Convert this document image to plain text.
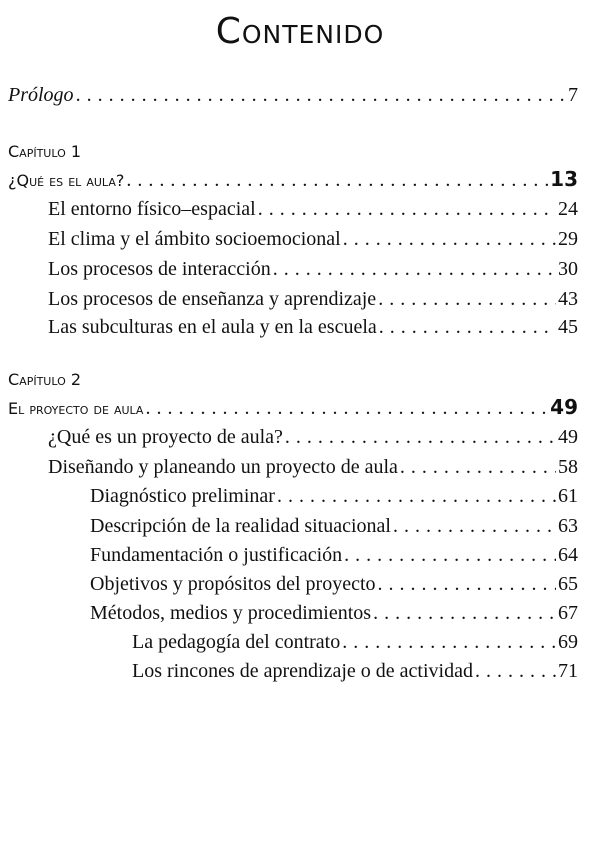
Contenido
Prólogo . . .	7
Capítulo 1
¿Qué es el aula? . . .	13
El entorno físico–espacial . . .	24
El clima y el ámbito socioemocional . . .	29
Los procesos de interacción . . .	30
Los procesos de enseñanza y aprendizaje . . .	43
Las subculturas en el aula y en la escuela . . .	45
Capítulo 2
El proyecto de aula . . .	49
¿Qué es un proyecto de aula? . . .	49
Diseñando y planeando un proyecto de aula . . .	58
Diagnóstico preliminar . . .	61
Descripción de la realidad situacional . . .	63
Fundamentación o justificación . . .	64
Objetivos y propósitos del proyecto . . .	65
Métodos, medios y procedimientos . . .	67
La pedagogía del contrato . . .	69
Los rincones de aprendizaje o de actividad . . .	71
